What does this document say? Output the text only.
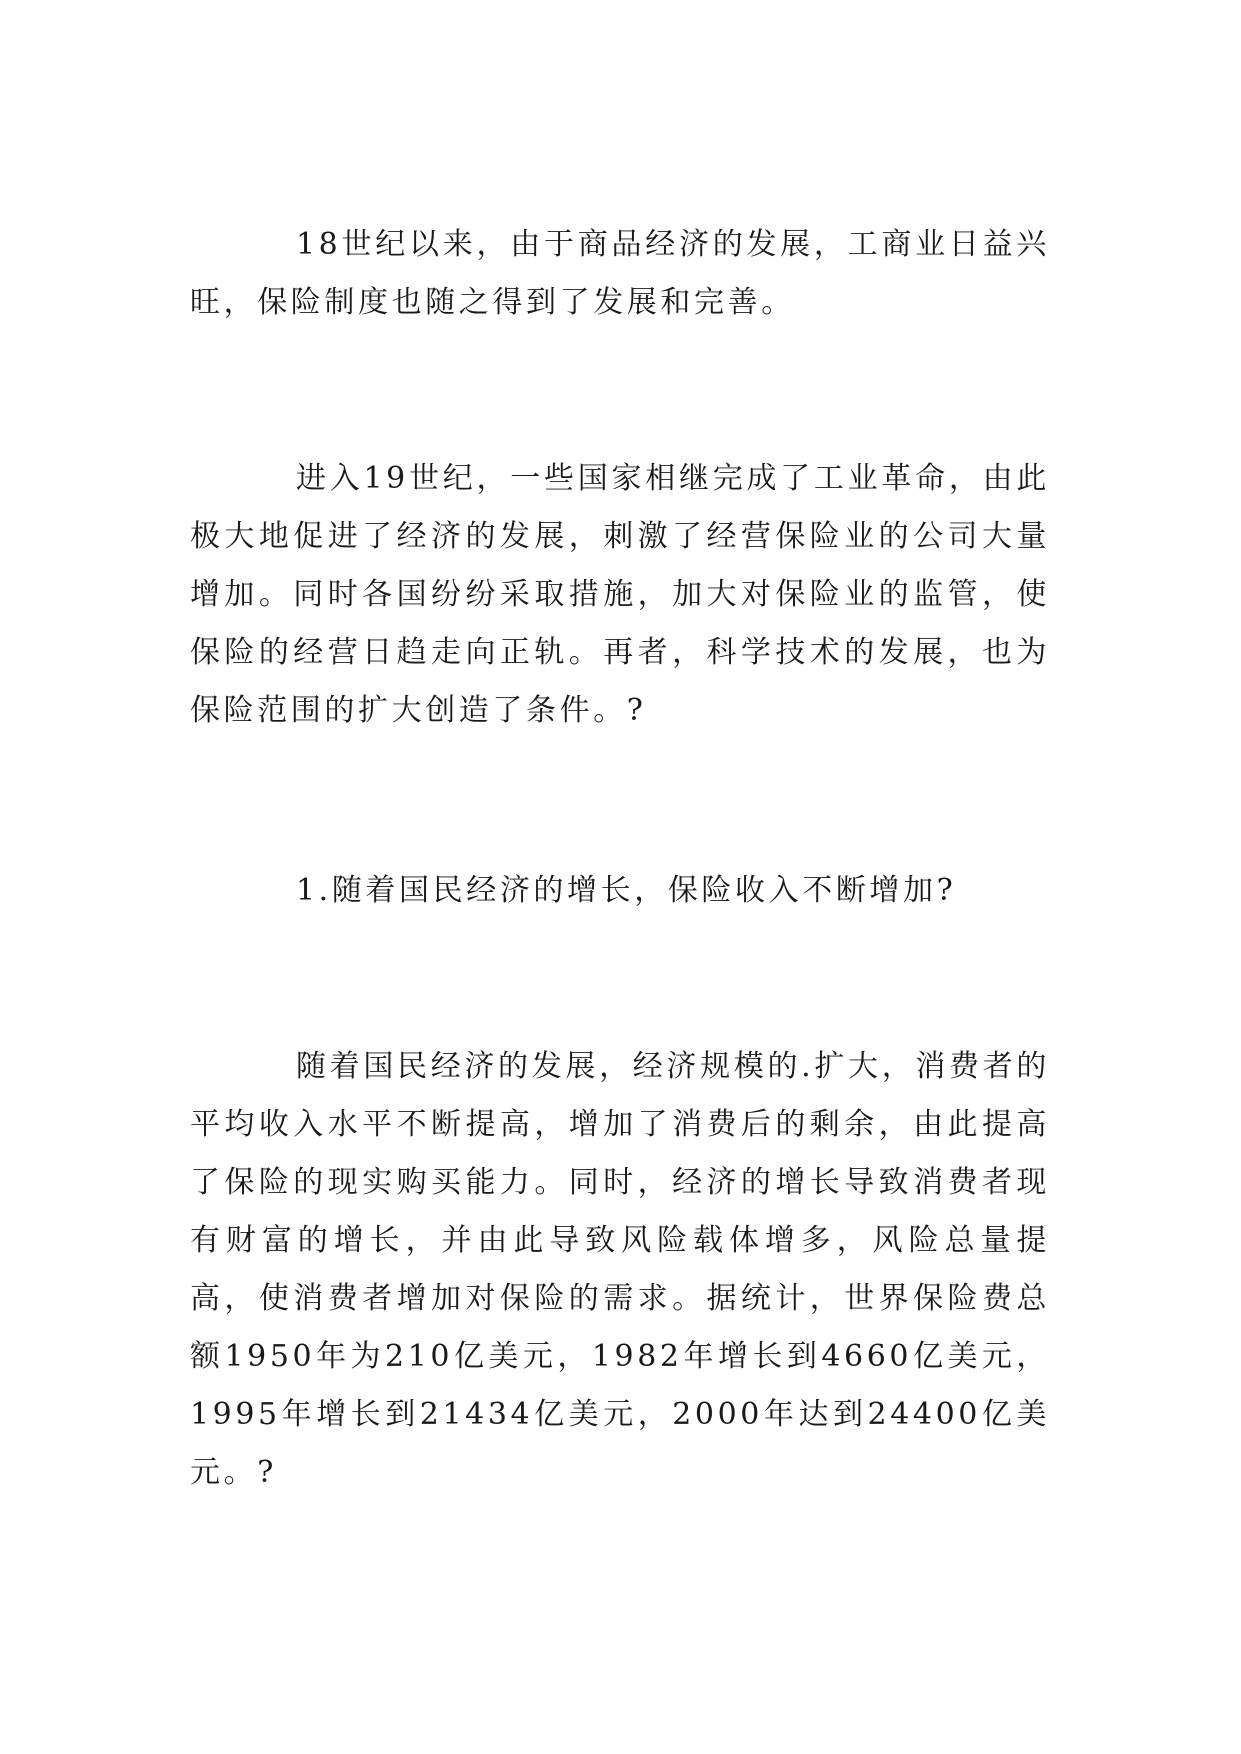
18世纪以来，由于商品经济的发展，工商业日益兴旺，保险制度也随之得到了发展和完善。

进入19世纪，一些国家相继完成了工业革命，由此极大地促进了经济的发展，刺激了经营保险业的公司大量增加。同时各国纷纷采取措施，加大对保险业的监管，使保险的经营日趋走向正轨。再者，科学技术的发展，也为保险范围的扩大创造了条件。?

1.随着国民经济的增长，保险收入不断增加?

随着国民经济的发展，经济规模的.扩大，消费者的平均收入水平不断提高，增加了消费后的剩余，由此提高了保险的现实购买能力。同时，经济的增长导致消费者现有财富的增长，并由此导致风险载体增多，风险总量提高，使消费者增加对保险的需求。据统计，世界保险费总额1950年为210亿美元，1982年增长到4660亿美元，1995年增长到21434亿美元，2000年达到24400亿美元。?
